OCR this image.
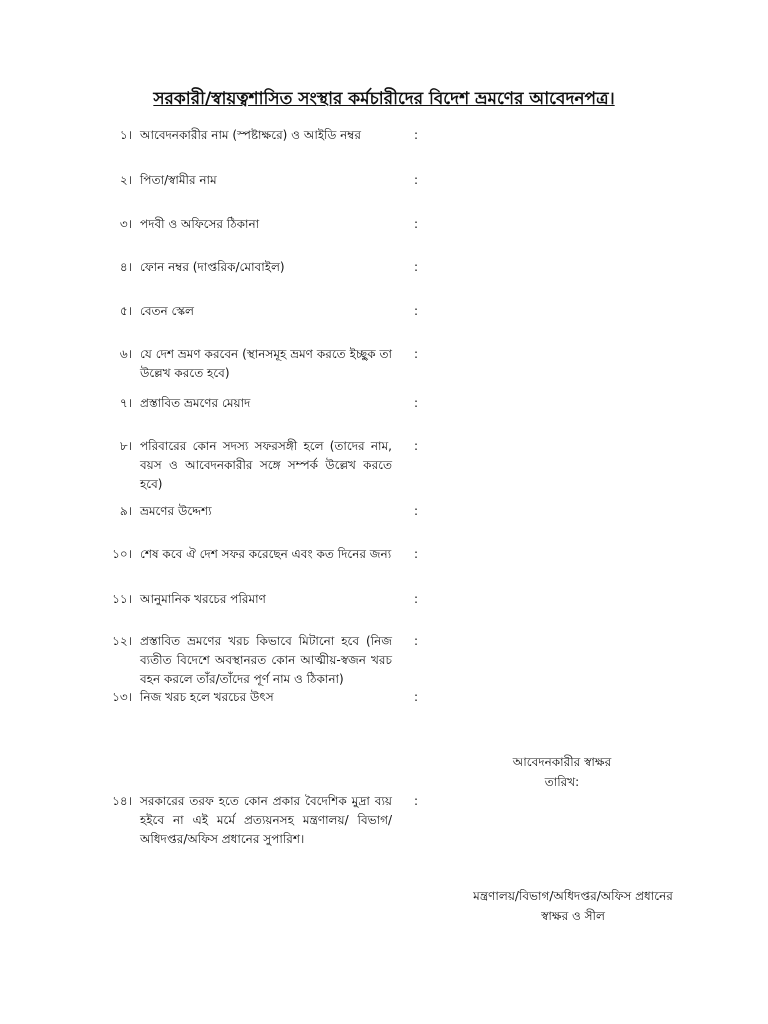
সরকারী/স্বায়ত্বশাসিত সংস্থার কর্মচারীদের বিদেশ ভ্রমণের আবেদনপত্র।
১। আবেদনকারীর নাম (স্পষ্টাক্ষরে) ও আইডি নম্বর	:
২। পিতা/স্বামীর নাম	:
৩। পদবী ও অফিসের ঠিকানা	:
৪। ফোন নম্বর (দাপ্তরিক/মোবাইল)	:
৫। বেতন স্কেল	:
৬। যে দেশ ভ্রমণ করবেন (স্থানসমূহ ভ্রমণ করতে ইচ্ছুক তা উল্লেখ করতে হবে)
:
৭। প্রস্তাবিত ভ্রমণের মেয়াদ	:
৮। পরিবারের কোন সদস্য সফরসঙ্গী হলে (তাদের নাম, বয়স ও আবেদনকারীর সঙ্গে সম্পর্ক উল্লেখ করতে হবে)
:
৯। ভ্রমণের উদ্দেশ্য	:
১০। শেষ কবে ঐ দেশ সফর করেছেন এবং কত দিনের জন্য :
১১। আনুমানিক খরচের পরিমাণ	:
১২। প্রস্তাবিত ভ্রমণের খরচ কিভাবে মিটানো হবে (নিজ ব্যতীত বিদেশে অবস্থানরত কোন আত্মীয়-স্বজন খরচ বহন করলে তাঁর/তাঁদের পূর্ণ নাম ও ঠিকানা)
:
১৩। নিজ খরচ হলে খরচের উৎস	:
আবেদনকারীর স্বাক্ষর
তারিখ:
১৪। সরকারের তরফ হতে কোন প্রকার বৈদেশিক মুদ্রা ব্যয় হইবে না এই মর্মে প্রত্যয়নসহ মন্ত্রণালয়/ বিভাগ/অধিদপ্তর/অফিস প্রধানের সুপারিশ।
:
মন্ত্রণালয়/বিভাগ/অধিদপ্তর/অফিস প্রধানের
স্বাক্ষর ও সীল
